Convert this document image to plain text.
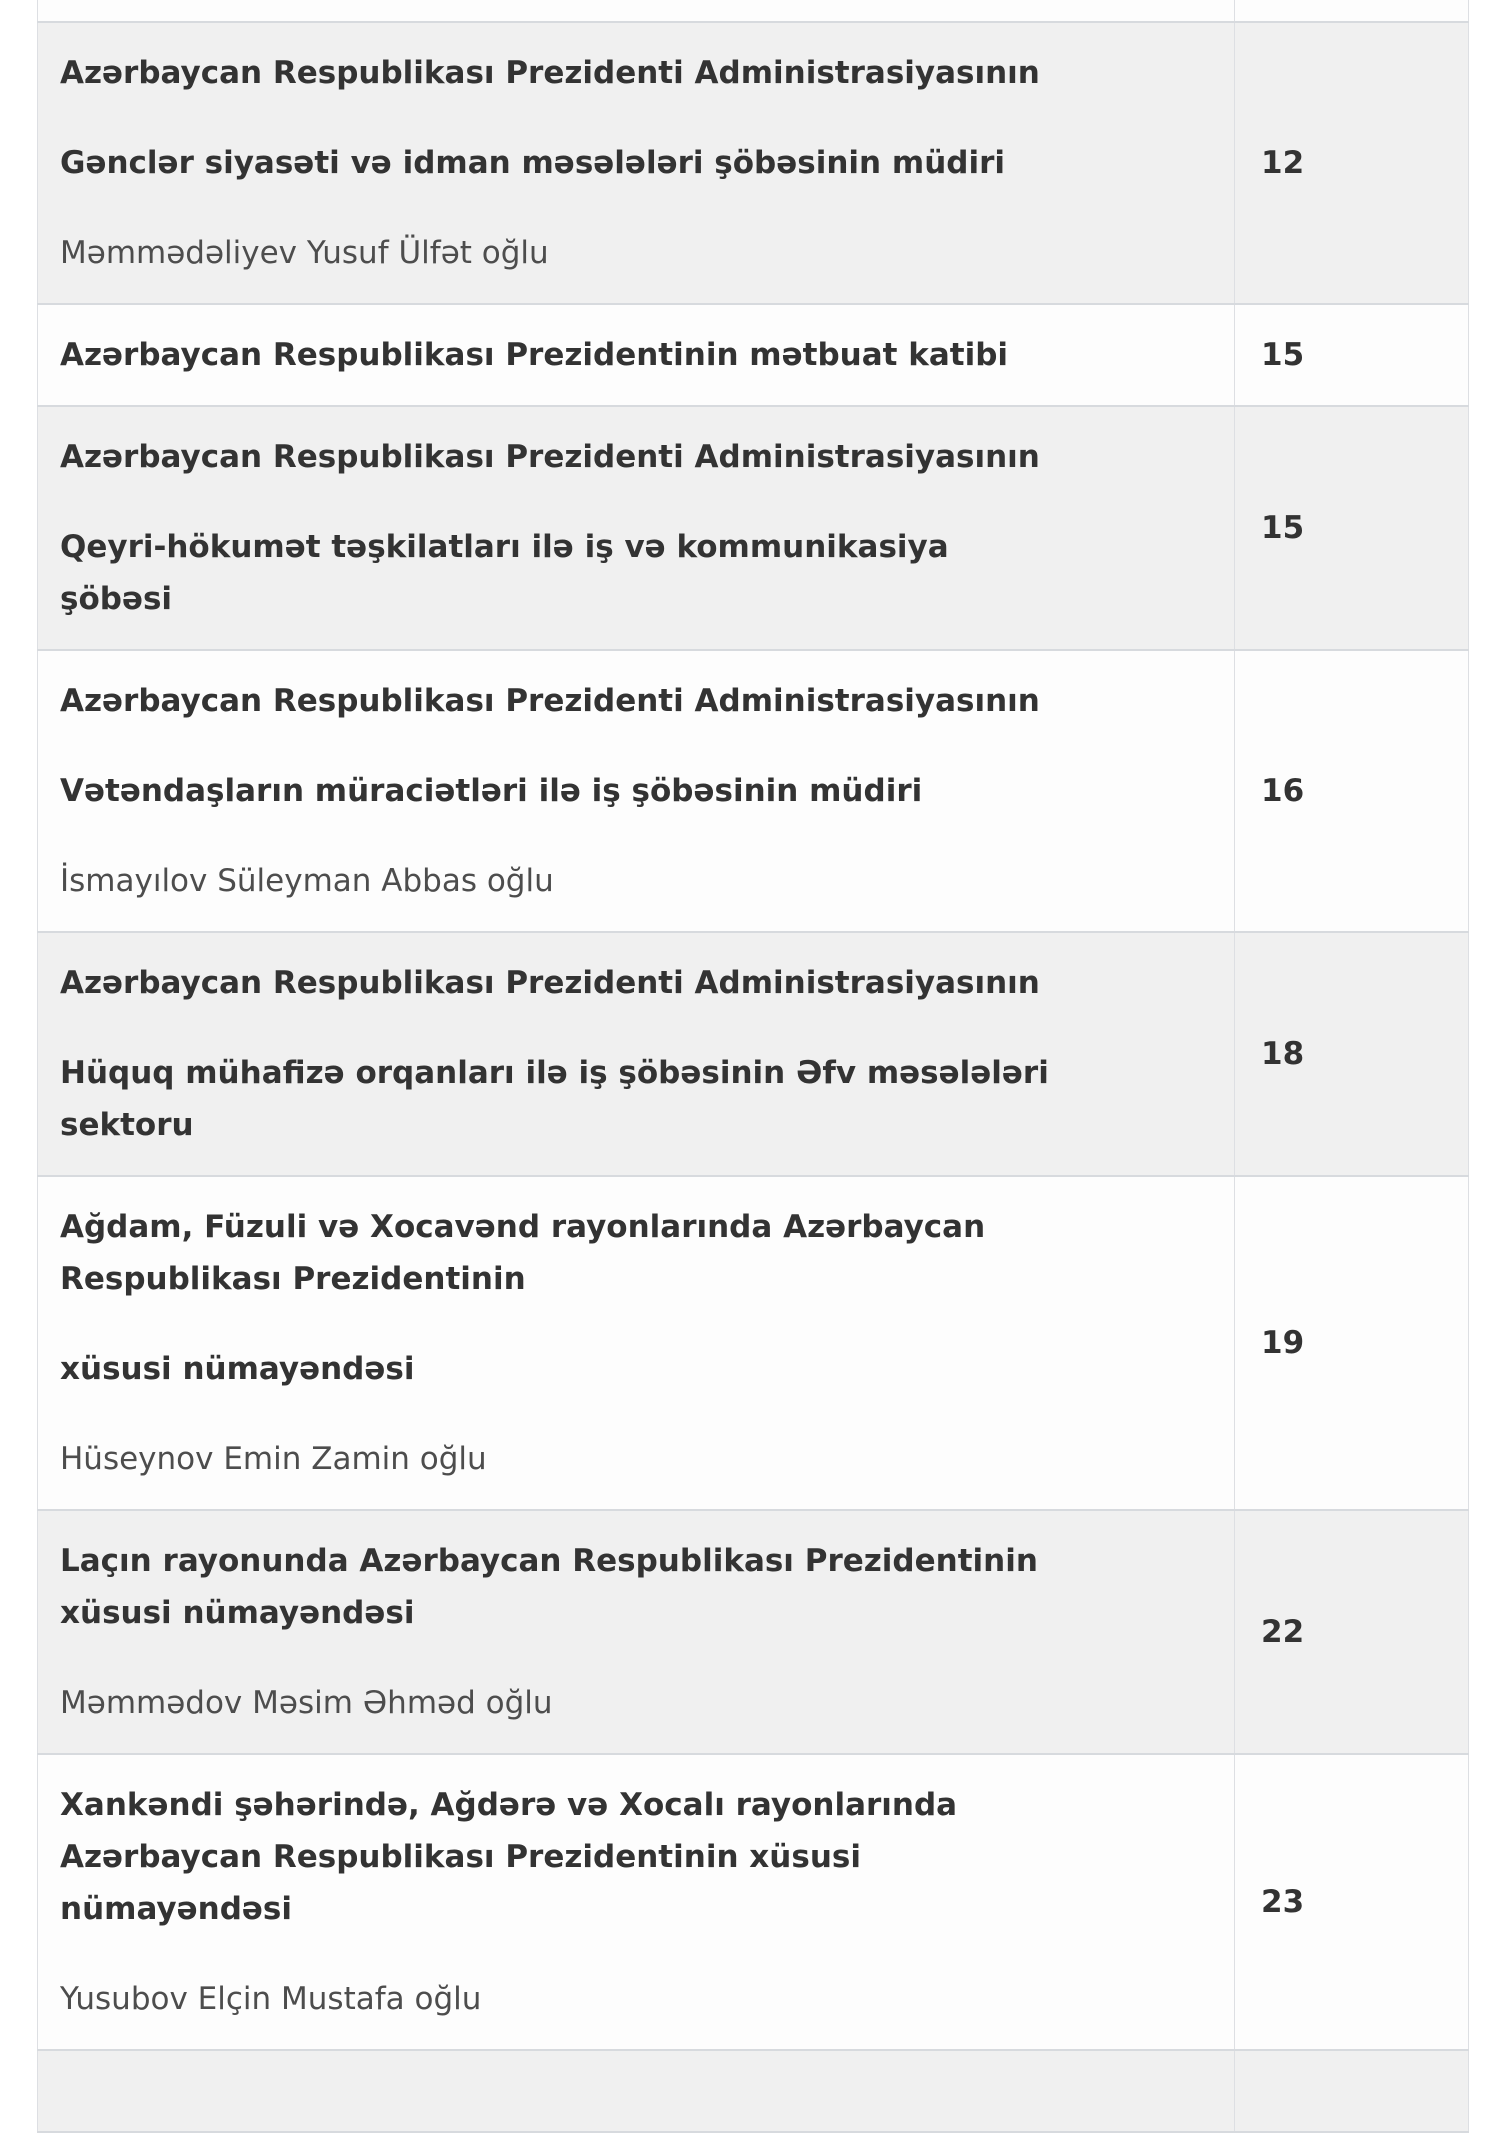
Azərbaycan Respublikası Prezidenti Administrasiyasının

Gənclər siyasəti və idman məsələləri şöbəsinin müdiri

Məmmədəliyev Yusuf Ülfət oğlu	12

Azərbaycan Respublikası Prezidentinin mətbuat katibi	15

Azərbaycan Respublikası Prezidenti Administrasiyasının

Qeyri-hökumət təşkilatları ilə iş və kommunikasiya
şöbəsi	15

Azərbaycan Respublikası Prezidenti Administrasiyasının

Vətəndaşların müraciətləri ilə iş şöbəsinin müdiri

İsmayılov Süleyman Abbas oğlu	16

Azərbaycan Respublikası Prezidenti Administrasiyasının

Hüquq mühafizə orqanları ilə iş şöbəsinin Əfv məsələləri
sektoru	18

Ağdam, Füzuli və Xocavənd rayonlarında Azərbaycan
Respublikası Prezidentinin

xüsusi nümayəndəsi

Hüseynov Emin Zamin oğlu	19

Laçın rayonunda Azərbaycan Respublikası Prezidentinin
xüsusi nümayəndəsi

Məmmədov Məsim Əhməd oğlu	22

Xankəndi şəhərində, Ağdərə və Xocalı rayonlarında
Azərbaycan Respublikası Prezidentinin xüsusi
nümayəndəsi

Yusubov Elçin Mustafa oğlu	23
